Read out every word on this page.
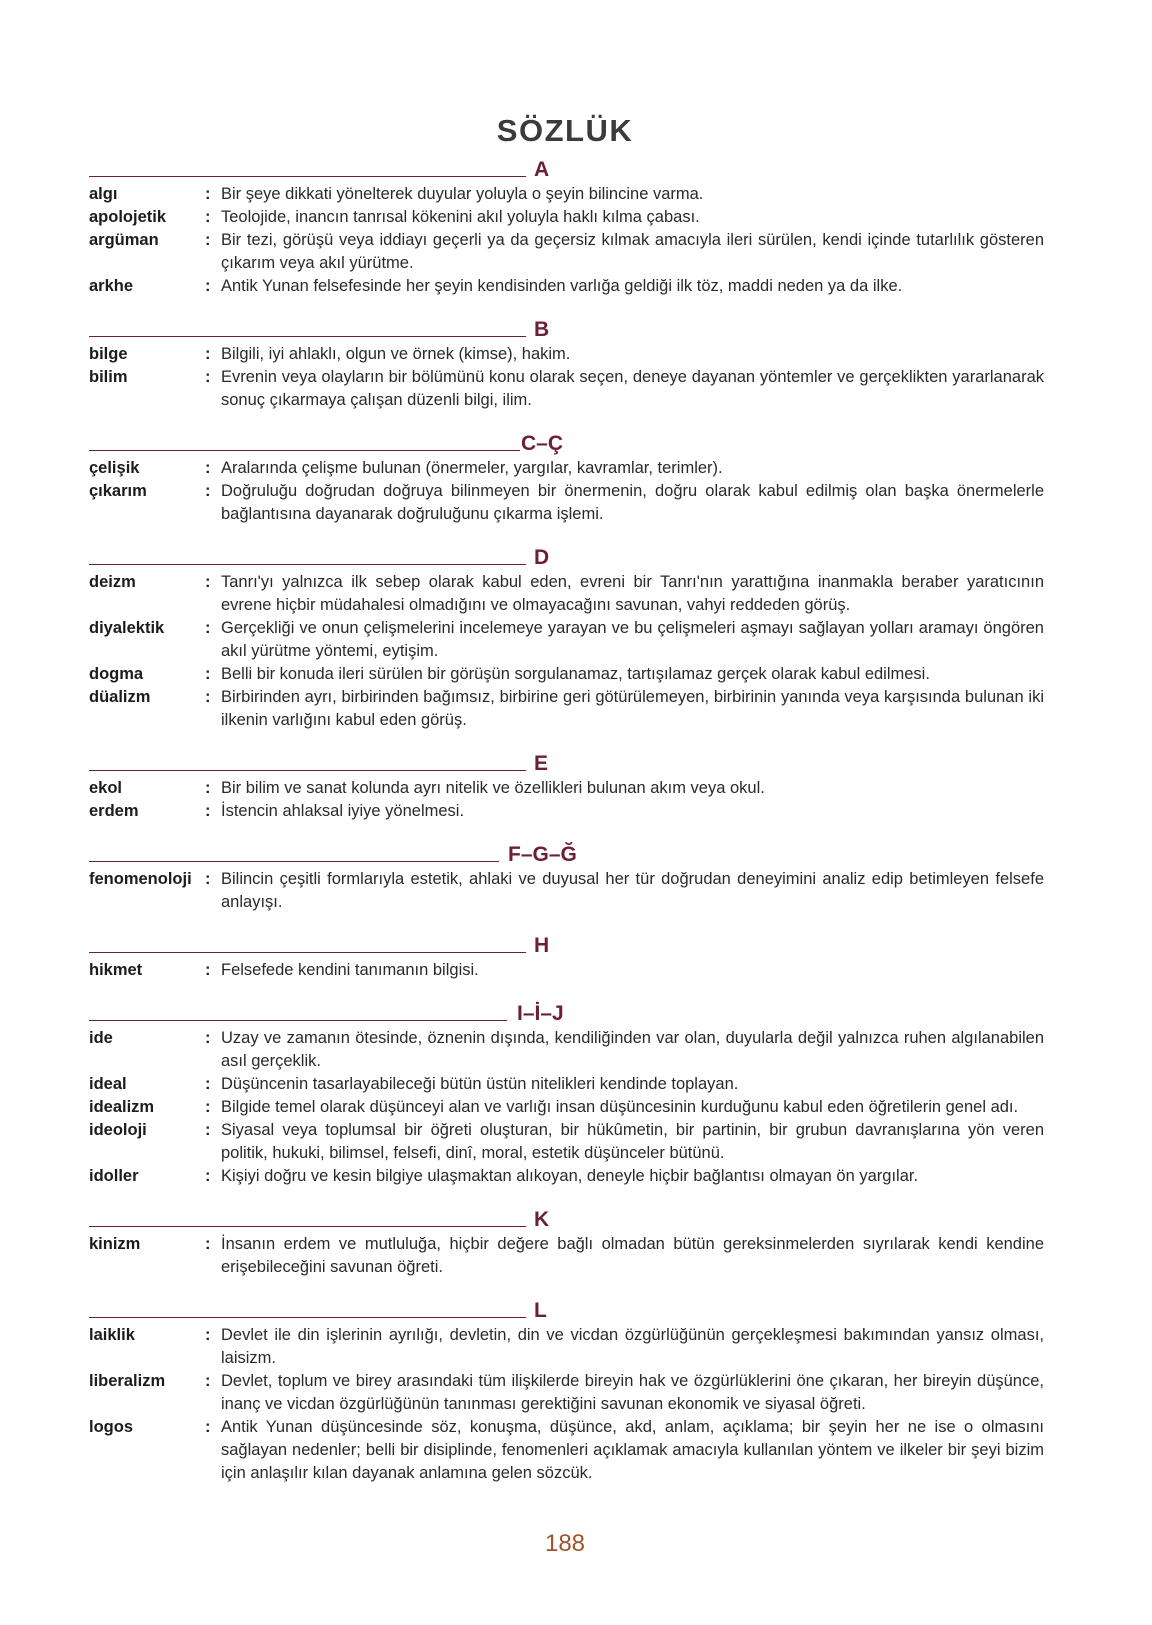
SÖZLÜK
A
algı	: Bir şeye dikkati yönelterek duyular yoluyla o şeyin bilincine varma.
apolojetik	: Teolojide, inancın tanrısal kökenini akıl yoluyla haklı kılma çabası.
argüman	: Bir tezi, görüşü veya iddiayı geçerli ya da geçersiz kılmak amacıyla ileri sürülen, kendi içinde tutarlılık gösteren çıkarım veya akıl yürütme.
arkhe	: Antik Yunan felsefesinde her şeyin kendisinden varlığa geldiği ilk töz, maddi neden ya da ilke.
B
bilge	: Bilgili, iyi ahlaklı, olgun ve örnek (kimse), hakim.
bilim	: Evrenin veya olayların bir bölümünü konu olarak seçen, deneye dayanan yöntemler ve gerçeklikten yararlanarak sonuç çıkarmaya çalışan düzenli bilgi, ilim.
C–Ç
çelişik	: Aralarında çelişme bulunan (önermeler, yargılar, kavramlar, terimler).
çıkarım	: Doğruluğu doğrudan doğruya bilinmeyen bir önermenin, doğru olarak kabul edilmiş olan başka önermelerle bağlantısına dayanarak doğruluğunu çıkarma işlemi.
D
deizm	: Tanrı'yı yalnızca ilk sebep olarak kabul eden, evreni bir Tanrı'nın yarattığına inanmakla beraber yaratıcının evrene hiçbir müdahalesi olmadığını ve olmayacağını savunan, vahyi reddeden görüş.
diyalektik	: Gerçekliği ve onun çelişmelerini incelemeye yarayan ve bu çelişmeleri aşmayı sağlayan yolları aramayı öngören akıl yürütme yöntemi, eytişim.
dogma	: Belli bir konuda ileri sürülen bir görüşün sorgulanamaz, tartışılamaz gerçek olarak kabul edilmesi.
düalizm	: Birbirinden ayrı, birbirinden bağımsız, birbirine geri götürülemeyen, birbirinin yanında veya karşısında bulunan iki ilkenin varlığını kabul eden görüş.
E
ekol	: Bir bilim ve sanat kolunda ayrı nitelik ve özellikleri bulunan akım veya okul.
erdem	: İstencin ahlaksal iyiye yönelmesi.
F–G–Ğ
fenomenoloji : Bilincin çeşitli formlarıyla estetik, ahlaki ve duyusal her tür doğrudan deneyimini analiz edip betimleyen felsefe anlayışı.
H
hikmet	: Felsefede kendini tanımanın bilgisi.
I–İ–J
ide	: Uzay ve zamanın ötesinde, öznenin dışında, kendiliğinden var olan, duyularla değil yalnızca ruhen algılanabilen asıl gerçeklik.
ideal	: Düşüncenin tasarlayabileceği bütün üstün nitelikleri kendinde toplayan.
idealizm	: Bilgide temel olarak düşünceyi alan ve varlığı insan düşüncesinin kurduğunu kabul eden öğretilerin genel adı.
ideoloji	: Siyasal veya toplumsal bir öğreti oluşturan, bir hükûmetin, bir partinin, bir grubun davranışlarına yön veren politik, hukuki, bilimsel, felsefi, dinî, moral, estetik düşünceler bütünü.
idoller	: Kişiyi doğru ve kesin bilgiye ulaşmaktan alıkoyan, deneyle hiçbir bağlantısı olmayan ön yargılar.
K
kinizm	: İnsanın erdem ve mutluluğa, hiçbir değere bağlı olmadan bütün gereksinmelerden sıyrılarak kendi kendine erişebileceğini savunan öğreti.
L
laiklik	: Devlet ile din işlerinin ayrılığı, devletin, din ve vicdan özgürlüğünün gerçekleşmesi bakımından yansız olması, laisizm.
liberalizm	: Devlet, toplum ve birey arasındaki tüm ilişkilerde bireyin hak ve özgürlüklerini öne çıkaran, her bireyin düşünce, inanç ve vicdan özgürlüğünün tanınması gerektiğini savunan ekonomik ve siyasal öğreti.
logos	: Antik Yunan düşüncesinde söz, konuşma, düşünce, akd, anlam, açıklama; bir şeyin her ne ise o olmasını sağlayan nedenler; belli bir disiplinde, fenomenleri açıklamak amacıyla kullanılan yöntem ve ilkeler bir şeyi bizim için anlaşılır kılan dayanak anlamına gelen sözcük.
188
